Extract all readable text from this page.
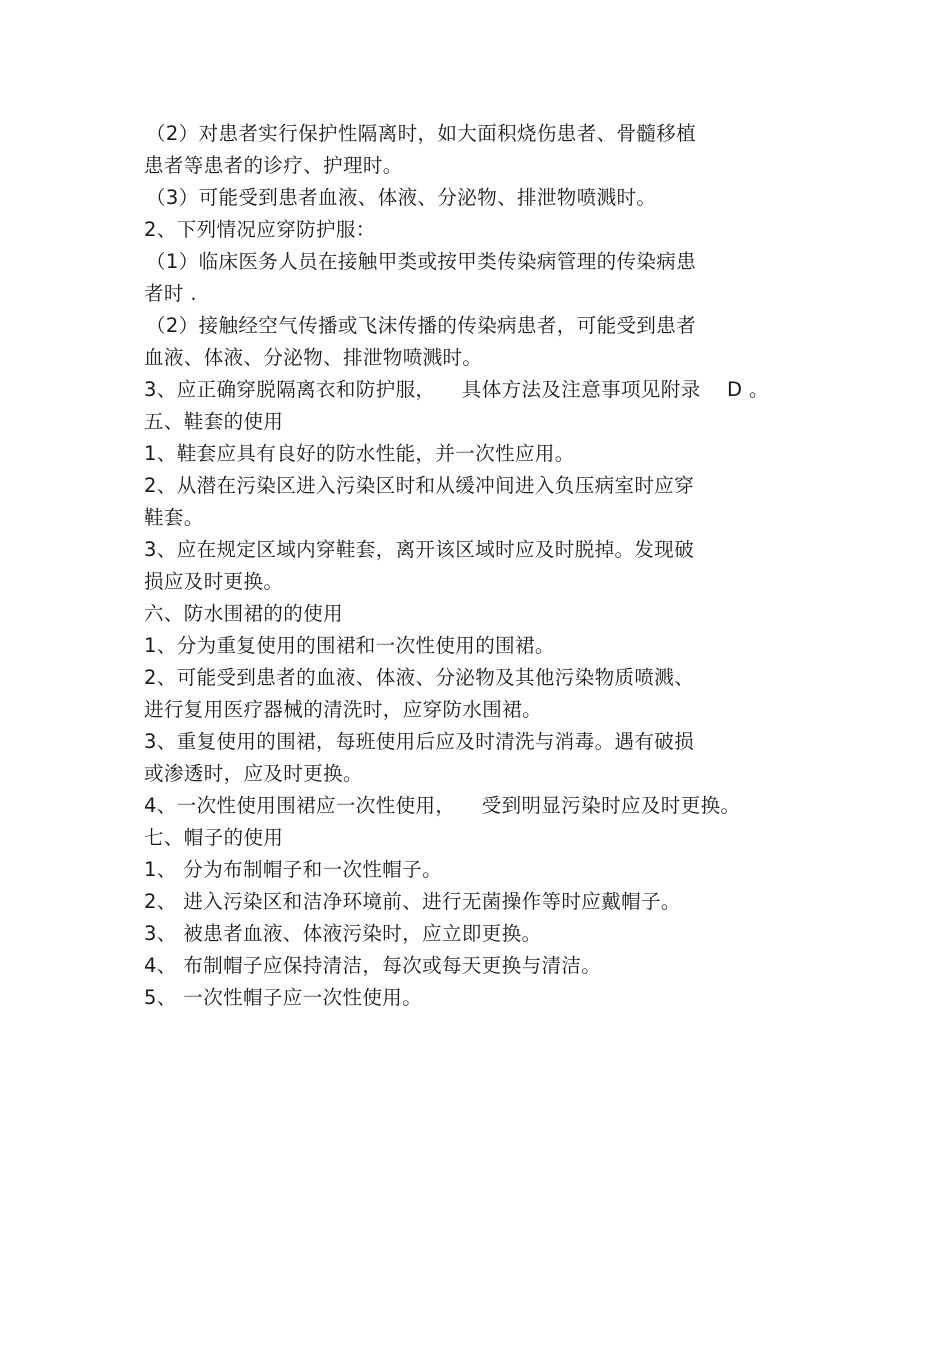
（2）对患者实行保护性隔离时，如大面积烧伤患者、骨髓移植
患者等患者的诊疗、护理时。
（3）可能受到患者血液、体液、分泌物、排泄物喷溅时。
2、下列情况应穿防护服：
（1）临床医务人员在接触甲类或按甲类传染病管理的传染病患
者时 .
（2）接触经空气传播或飞沫传播的传染病患者，可能受到患者
血液、体液、分泌物、排泄物喷溅时。
3、应正确穿脱隔离衣和防护服，    具体方法及注意事项见附录    D 。
五、鞋套的使用
1、鞋套应具有良好的防水性能，并一次性应用。
2、从潜在污染区进入污染区时和从缓冲间进入负压病室时应穿
鞋套。
3、应在规定区域内穿鞋套，离开该区域时应及时脱掉。发现破
损应及时更换。
六、防水围裙的的使用
1、分为重复使用的围裙和一次性使用的围裙。
2、可能受到患者的血液、体液、分泌物及其他污染物质喷溅、
进行复用医疗器械的清洗时，应穿防水围裙。
3、重复使用的围裙，每班使用后应及时清洗与消毒。遇有破损
或渗透时，应及时更换。
4、一次性使用围裙应一次性使用，    受到明显污染时应及时更换。
七、帽子的使用
1、 分为布制帽子和一次性帽子。
2、 进入污染区和洁净环境前、进行无菌操作等时应戴帽子。
3、 被患者血液、体液污染时，应立即更换。
4、 布制帽子应保持清洁，每次或每天更换与清洁。
5、 一次性帽子应一次性使用。
